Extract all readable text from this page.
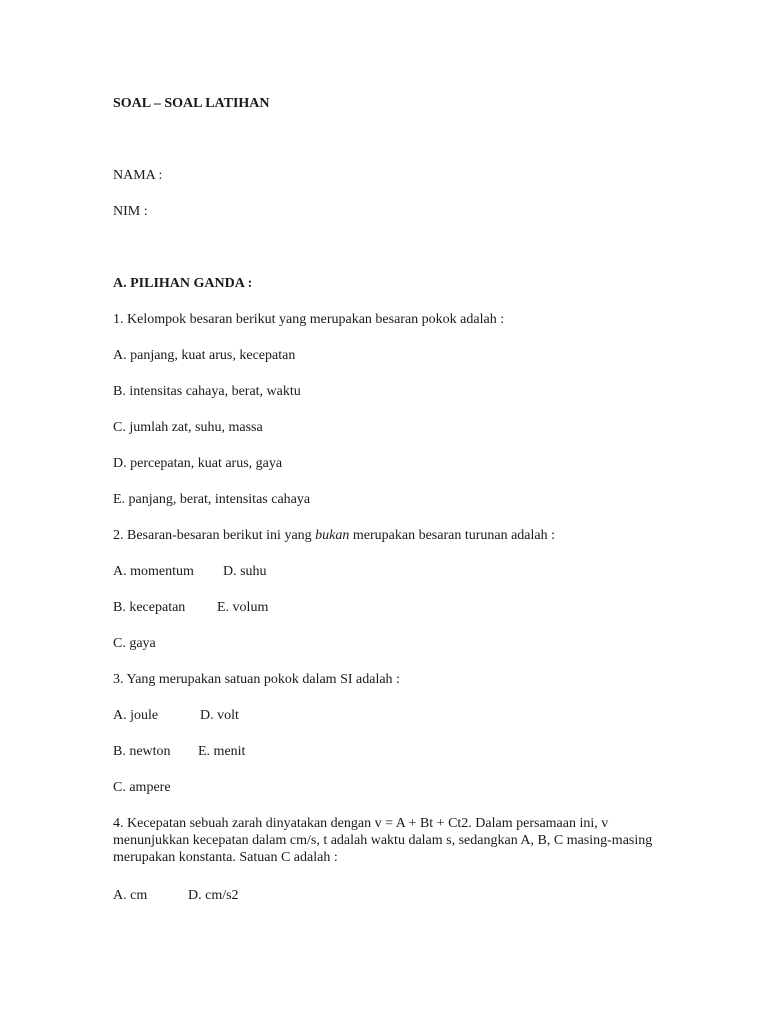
SOAL – SOAL LATIHAN
NAMA :
NIM :
A. PILIHAN GANDA :
1. Kelompok besaran berikut yang merupakan besaran pokok adalah :
A. panjang, kuat arus, kecepatan
B. intensitas cahaya, berat, waktu
C. jumlah zat, suhu, massa
D. percepatan, kuat arus, gaya
E. panjang, berat, intensitas cahaya
2. Besaran-besaran berikut ini yang bukan merupakan besaran turunan adalah :
A. momentum D. suhu
B. kecepatan E. volum
C. gaya
3. Yang merupakan satuan pokok dalam SI adalah :
A. joule	D. volt
B. newton E. menit
C. ampere
4. Kecepatan sebuah zarah dinyatakan dengan v = A + Bt + Ct2. Dalam persamaan ini, v menunjukkan kecepatan dalam cm/s, t adalah waktu dalam s, sedangkan A, B, C masing-masing merupakan konstanta. Satuan C adalah :
A. cm	D. cm/s2
